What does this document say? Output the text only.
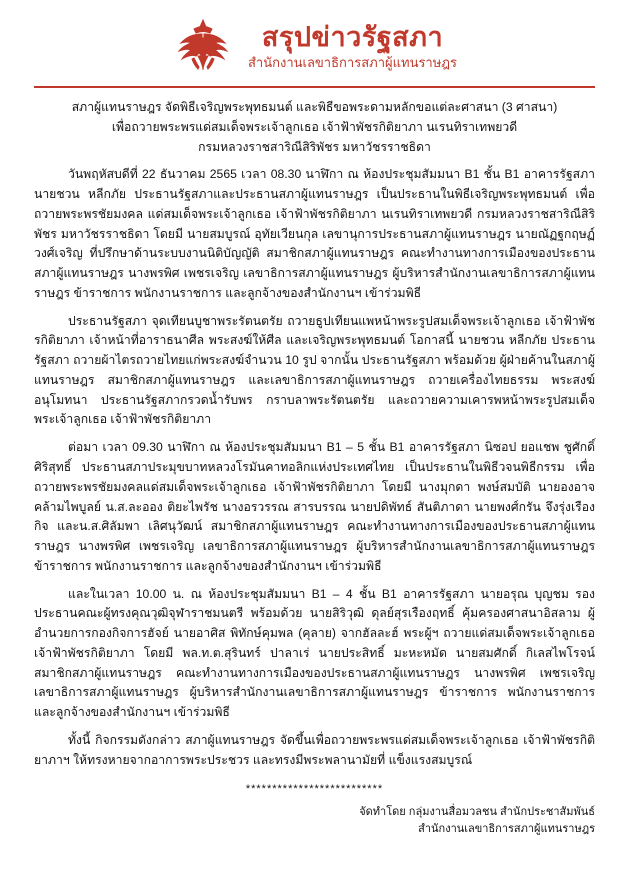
สรุปข่าวรัฐสภา
สำนักงานเลขาธิการสภาผู้แทนราษฎร
สภาผู้แทนราษฎร จัดพิธีเจริญพระพุทธมนต์ และพิธีขอพระดามหลักขอแต่ละศาสนา (3 ศาสนา)
เพื่อถวายพระพรแด่สมเด็จพระเจ้าลูกเธอ เจ้าฟ้าพัชรกิติยาภา นเรนทิราเทพยวดี
กรมหลวงราชสาริณีสิริพัชร มหาวัชรราชธิดา

วันพฤหัสบดีที่ 22 ธันวาคม 2565 เวลา 08.30 นาฬิกา ณ ห้องประชุมสัมมนา B1 ชั้น B1 อาคารรัฐสภา นายชวน หลีกภัย ประธานรัฐสภาและประธานสภาผู้แทนราษฎร เป็นประธานในพิธีเจริญพระพุทธมนต์ เพื่อถวายพระพรชัยมงคล แด่สมเด็จพระเจ้าลูกเธอ เจ้าฟ้าพัชรกิติยาภา นเรนทิราเทพยวดี กรมหลวงราชสาริณีสิริพัชร มหาวัชรราชธิดา โดยมี นายสมบูรณ์ อุทัยเวียนกุล เลขานุการประธานสภาผู้แทนราษฎร นายณัฏฐกฤษฏ์ วงศ์เจริญ ที่ปรึกษาด้านระบบงานนิติบัญญัติ สมาชิกสภาผู้แทนราษฎร คณะทำงานทางการเมืองของประธานสภาผู้แทนราษฎร นางพรพิศ เพชรเจริญ เลขาธิการสภาผู้แทนราษฎร ผู้บริหารสำนักงานเลขาธิการสภาผู้แทนราษฎร ข้าราชการ พนักงานราชการ และลูกจ้างของสำนักงานฯ เข้าร่วมพิธี

ประธานรัฐสภา จุดเทียนบูชาพระรัตนตรัย ถวายธูปเทียนแพหน้าพระรูปสมเด็จพระเจ้าลูกเธอ เจ้าฟ้าพัชรกิติยาภา เจ้าหน้าที่อาราธนาศีล พระสงฆ์ให้ศีล และเจริญพระพุทธมนต์ โอกาสนี้ นายชวน หลีกภัย ประธานรัฐสภา ถวายผ้าไตรถวายไทยแก่พระสงฆ์จำนวน 10 รูป จากนั้น ประธานรัฐสภา พร้อมด้วย ผู้ฝ่ายค้านในสภาผู้แทนราษฎร สมาชิกสภาผู้แทนราษฎร และเลขาธิการสภาผู้แทนราษฎร ถวายเครื่องไทยธรรม พระสงฆ์อนุโมทนา ประธานรัฐสภากรวดน้ำรับพร กราบลาพระรัตนตรัย และถวายความเคารพหน้าพระรูปสมเด็จพระเจ้าลูกเธอ เจ้าฟ้าพัชรกิติยาภา

ต่อมา เวลา 09.30 นาฬิกา ณ ห้องประชุมสัมมนา B1 – 5 ชั้น B1 อาคารรัฐสภา นิซอป ยอแชพ ชูศักดิ์ ศิริสุทธิ์ ประธานสภาประมุขบาทหลวงโรมันคาทอลิกแห่งประเทศไทย เป็นประธานในพิธีวจนพิธีกรรม เพื่อถวายพระพรชัยมงคลแด่สมเด็จพระเจ้าลูกเธอ เจ้าฟ้าพัชรกิติยาภา โดยมี นางมุกดา พงษ์สมบัติ นายองอาจ คล้ามไพบูลย์ น.ส.ละออง ติยะไพรัช นางอรวรรณ สารบรรณ นายปดิพัทธ์ สันติภาดา นายพงศ์กรัน จึงรุ่งเรืองกิจ และน.ส.ศิลัมพา เลิศนุวัฒน์ สมาชิกสภาผู้แทนราษฎร คณะทำงานทางการเมืองของประธานสภาผู้แทนราษฎร นางพรพิศ เพชรเจริญ เลขาธิการสภาผู้แทนราษฎร ผู้บริหารสำนักงานเลขาธิการสภาผู้แทนราษฎร ข้าราชการ พนักงานราชการ และลูกจ้างของสำนักงานฯ เข้าร่วมพิธี

และในเวลา 10.00 น. ณ ห้องประชุมสัมมนา B1 – 4 ชั้น B1 อาคารรัฐสภา นายอรุณ บุญชม รองประธานคณะผู้ทรงคุณวุฒิจุฬาราชมนตรี พร้อมด้วย นายสิริวุฒิ ดุลย์สุรเรืองฤทธิ์ คุ้มครองศาสนาอิสลาม ผู้อำนวยการกองกิจการฮัจย์ นายอาศิส พิทักษ์คุมพล (คุลาย) จากฮัลละฮ์ พระผู้ฯ ถวายแด่สมเด็จพระเจ้าลูกเธอ เจ้าฟ้าพัชรกิติยาภา โดยมี พล.ท.ต.สุรินทร์ ปาลาเร่ นายประสิทธิ์ มะหะหมัด นายสมศักดิ์ กิเลสไพโรจน์ สมาชิกสภาผู้แทนราษฎร คณะทำงานทางการเมืองของประธานสภาผู้แทนราษฎร นางพรพิศ เพชรเจริญ เลขาธิการสภาผู้แทนราษฎร ผู้บริหารสำนักงานเลขาธิการสภาผู้แทนราษฎร ข้าราชการ พนักงานราชการ และลูกจ้างของสำนักงานฯ เข้าร่วมพิธี

ทั้งนี้ กิจกรรมดังกล่าว สภาผู้แทนราษฎร จัดขึ้นเพื่อถวายพระพรแด่สมเด็จพระเจ้าลูกเธอ เจ้าฟ้าพัชรกิติยาภาฯ ให้ทรงหายจากอาการพระประชวร และทรงมีพระพลานามัยที่ แข็งแรงสมบูรณ์

**************************
จัดทำโดย กลุ่มงานสื่อมวลชน สำนักประชาสัมพันธ์
สำนักงานเลขาธิการสภาผู้แทนราษฎร
